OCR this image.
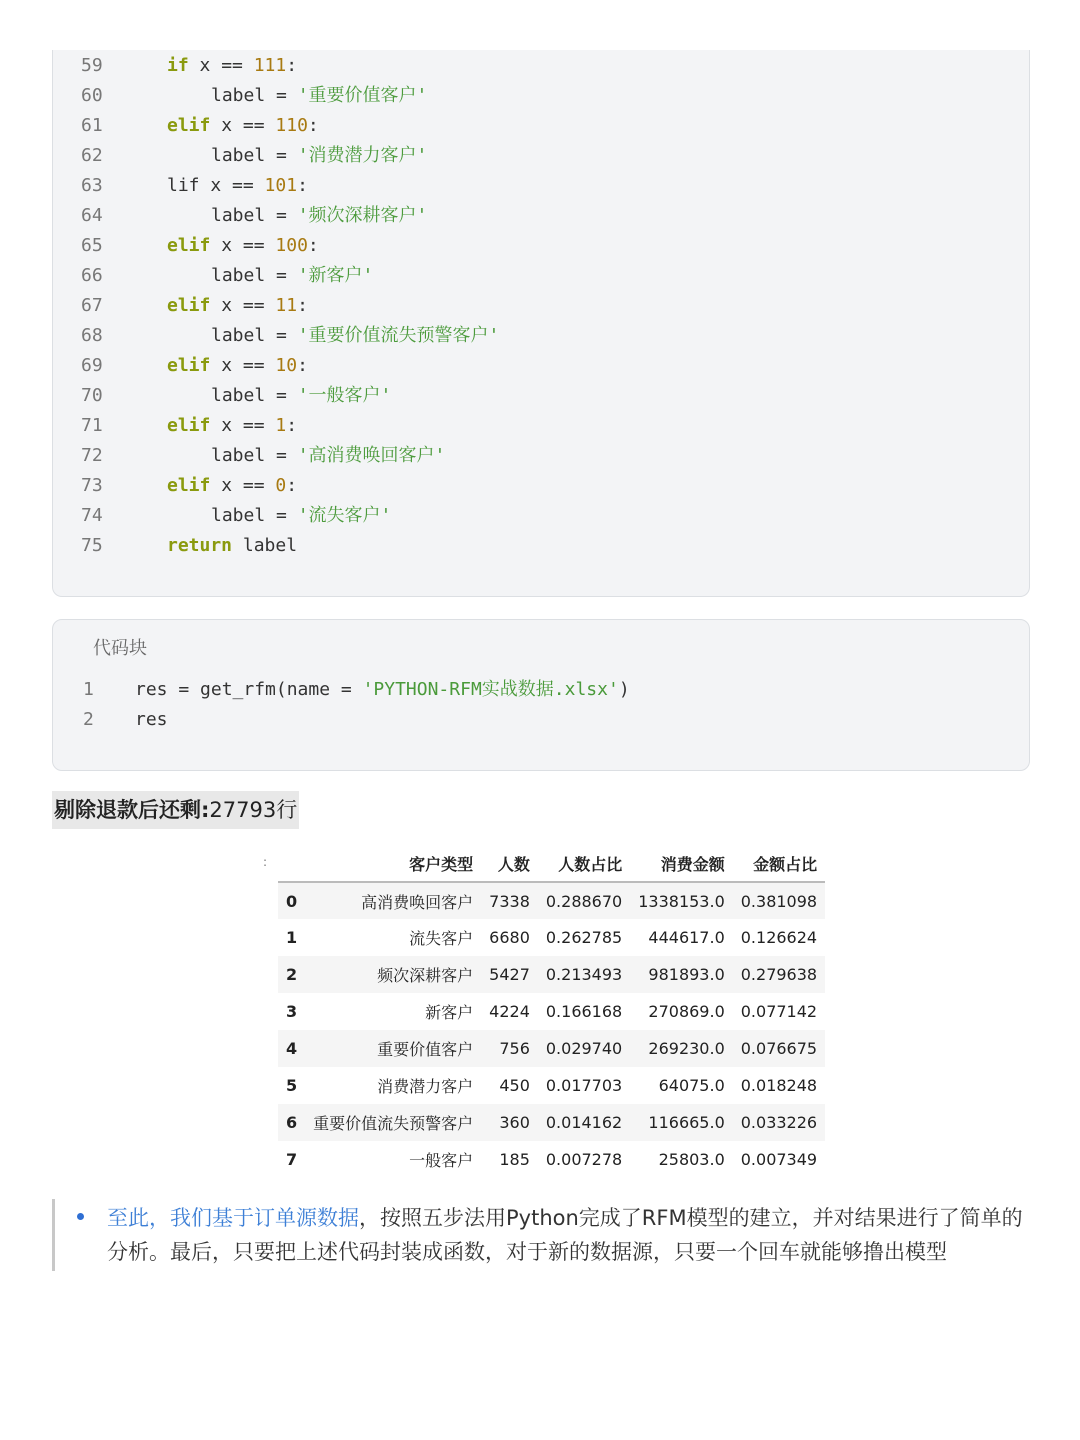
59	if x == 111:
60	label = '重要价值客户'
61	elif x == 110:
62	label = '消费潜力客户'
63	lif x == 101:
64	label = '频次深耕客户'
65	elif x == 100:
66	label = '新客户'
67	elif x == 11:
68	label = '重要价值流失预警客户'
69	elif x == 10:
70	label = '一般客户'
71	elif x == 1:
72	label = '高消费唤回客户'
73	elif x == 0:
74	label = '流失客户'
75	return label
代码块
1	res = get_rfm(name = 'PYTHON-RFM实战数据.xlsx')
2	res
剔除退款后还剩:27793行
:
		客户类型	人数	人数占比	消费金额	金额占比
0	高消费唤回客户	7338	0.288670	1338153.0	0.381098
1	流失客户	6680	0.262785	444617.0	0.126624
2	频次深耕客户	5427	0.213493	981893.0	0.279638
3	新客户	4224	0.166168	270869.0	0.077142
4	重要价值客户	756	0.029740	269230.0	0.076675
5	消费潜力客户	450	0.017703	64075.0	0.018248
6	重要价值流失预警客户	360	0.014162	116665.0	0.033226
7	一般客户	185	0.007278	25803.0	0.007349
至此，我们基于订单源数据，按照五步法用Python完成了RFM模型的建立，并对结果进行了简单的分析。最后，只要把上述代码封装成函数，对于新的数据源，只要一个回车就能够撸出模型
